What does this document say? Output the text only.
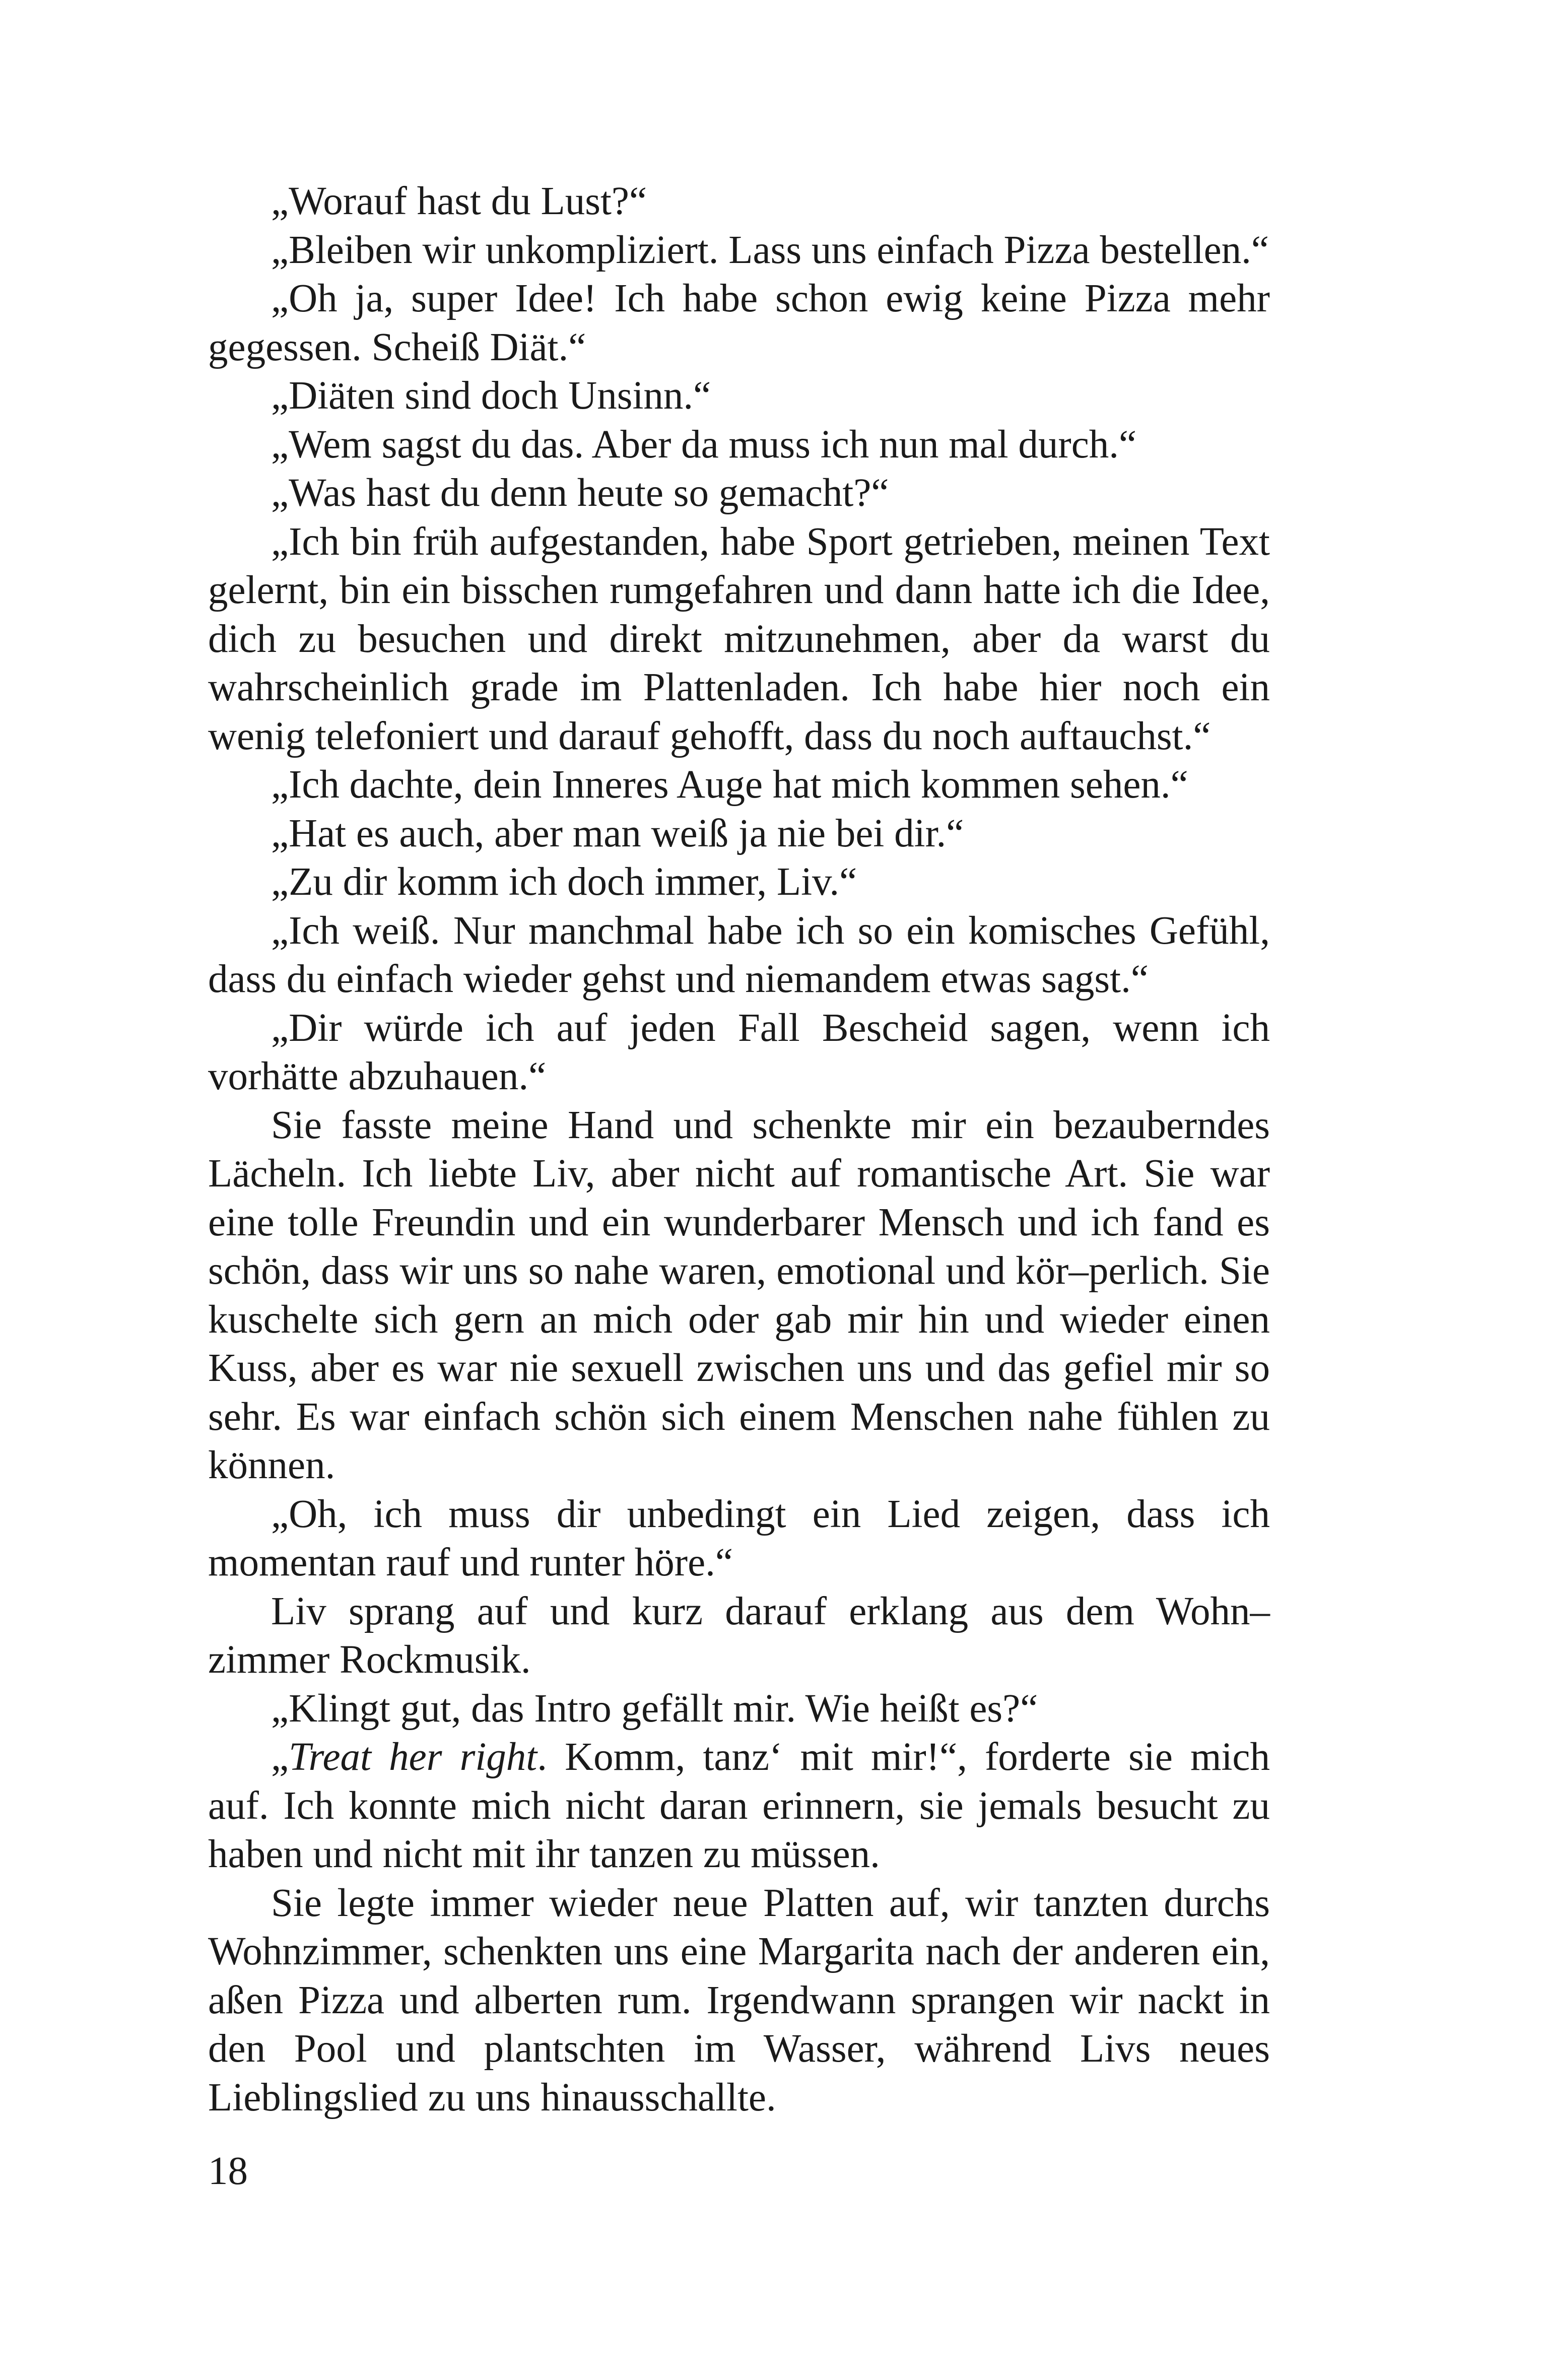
„Worauf hast du Lust?“

„Bleiben wir unkompliziert. Lass uns einfach Pizza bestellen.“

„Oh ja, super Idee! Ich habe schon ewig keine Pizza mehr gegessen. Scheiß Diät.“

„Diäten sind doch Unsinn.“

„Wem sagst du das. Aber da muss ich nun mal durch.“

„Was hast du denn heute so gemacht?“

„Ich bin früh aufgestanden, habe Sport getrieben, meinen Text gelernt, bin ein bisschen rumgefahren und dann hatte ich die Idee, dich zu besuchen und direkt mitzunehmen, aber da warst du wahrscheinlich grade im Plattenladen. Ich habe hier noch ein wenig telefoniert und darauf gehofft, dass du noch auftauchst.“

„Ich dachte, dein Inneres Auge hat mich kommen sehen.“

„Hat es auch, aber man weiß ja nie bei dir.“

„Zu dir komm ich doch immer, Liv.“

„Ich weiß. Nur manchmal habe ich so ein komisches Gefühl, dass du einfach wieder gehst und niemandem etwas sagst.“

„Dir würde ich auf jeden Fall Bescheid sagen, wenn ich vorhätte abzuhauen.“

Sie fasste meine Hand und schenkte mir ein bezauberndes Lächeln. Ich liebte Liv, aber nicht auf romantische Art. Sie war eine tolle Freundin und ein wunderbarer Mensch und ich fand es schön, dass wir uns so nahe waren, emotional und kör–perlich. Sie kuschelte sich gern an mich oder gab mir hin und wieder einen Kuss, aber es war nie sexuell zwischen uns und das gefiel mir so sehr. Es war einfach schön sich einem Menschen nahe fühlen zu können.

„Oh, ich muss dir unbedingt ein Lied zeigen, dass ich momentan rauf und runter höre.“

Liv sprang auf und kurz darauf erklang aus dem Wohn–zimmer Rockmusik.

„Klingt gut, das Intro gefällt mir. Wie heißt es?“

„Treat her right. Komm, tanz‘ mit mir!“, forderte sie mich auf. Ich konnte mich nicht daran erinnern, sie jemals besucht zu haben und nicht mit ihr tanzen zu müssen.

Sie legte immer wieder neue Platten auf, wir tanzten durchs Wohnzimmer, schenkten uns eine Margarita nach der anderen ein, aßen Pizza und alberten rum. Irgendwann sprangen wir nackt in den Pool und plantschten im Wasser, während Livs neues Lieblingslied zu uns hinausschallte.

18
